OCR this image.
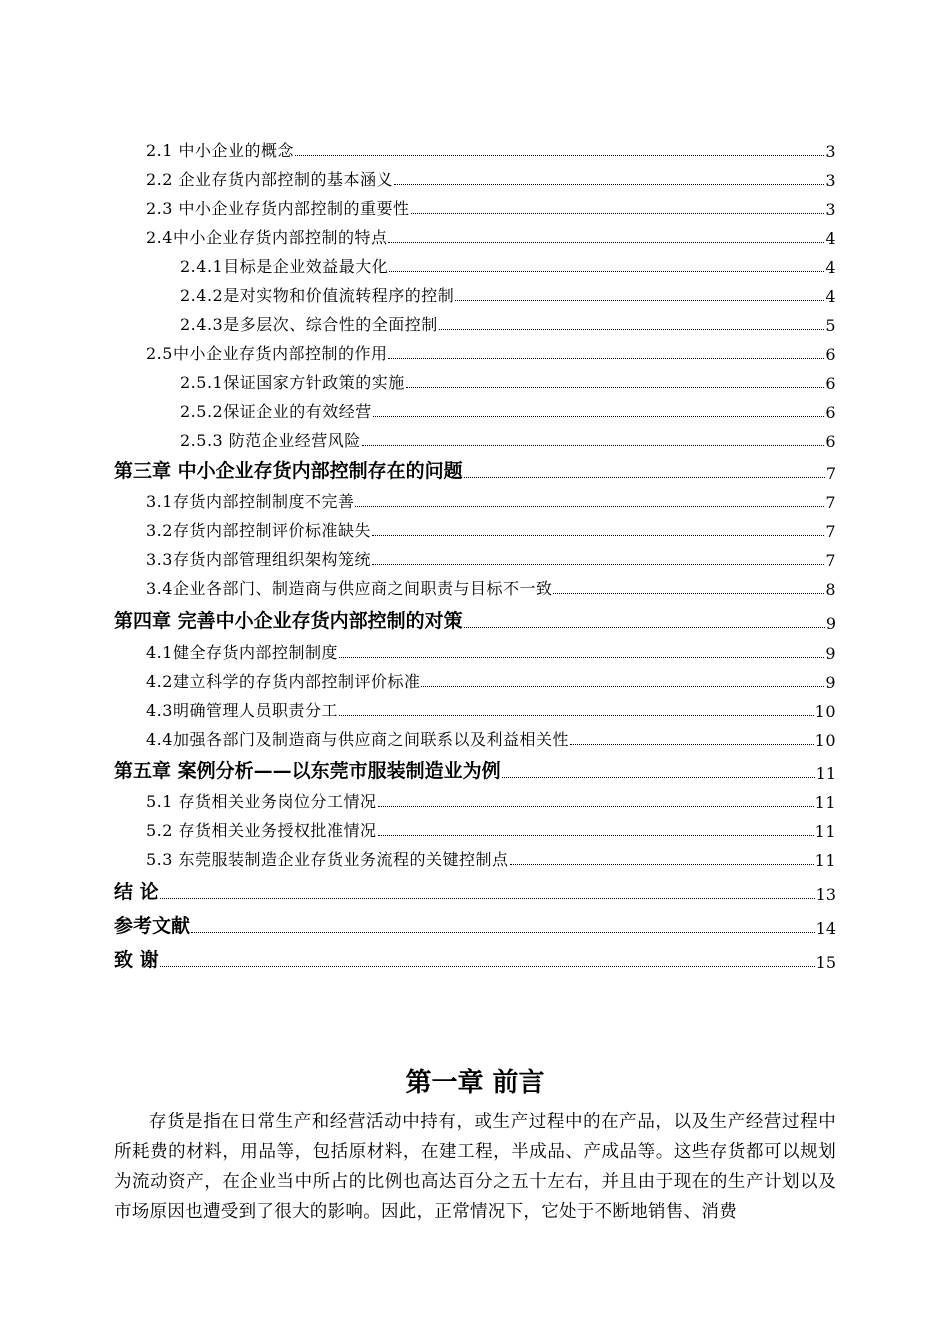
2.1 中小企业的概念	3
2.2 企业存货内部控制的基本涵义	3
2.3 中小企业存货内部控制的重要性	3
2.4中小企业存货内部控制的特点	4
2.4.1目标是企业效益最大化	4
2.4.2是对实物和价值流转程序的控制	4
2.4.3是多层次、综合性的全面控制	5
2.5中小企业存货内部控制的作用	6
2.5.1保证国家方针政策的实施	6
2.5.2保证企业的有效经营	6
2.5.3 防范企业经营风险	6
第三章 中小企业存货内部控制存在的问题	7
3.1存货内部控制制度不完善	7
3.2存货内部控制评价标准缺失	7
3.3存货内部管理组织架构笼统	7
3.4企业各部门、制造商与供应商之间职责与目标不一致	8
第四章 完善中小企业存货内部控制的对策	9
4.1健全存货内部控制制度	9
4.2建立科学的存货内部控制评价标准	9
4.3明确管理人员职责分工	10
4.4加强各部门及制造商与供应商之间联系以及利益相关性	10
第五章 案例分析——以东莞市服装制造业为例	11
5.1 存货相关业务岗位分工情况	11
5.2 存货相关业务授权批准情况	11
5.3 东莞服装制造企业存货业务流程的关键控制点	11
结 论	13
参考文献	14
致 谢	15
第一章 前言
存货是指在日常生产和经营活动中持有，或生产过程中的在产品，以及生产经营过程中所耗费的材料，用品等，包括原材料，在建工程，半成品、产成品等。这些存货都可以规划为流动资产，在企业当中所占的比例也高达百分之五十左右，并且由于现在的生产计划以及市场原因也遭受到了很大的影响。因此，正常情况下，它处于不断地销售、消费
